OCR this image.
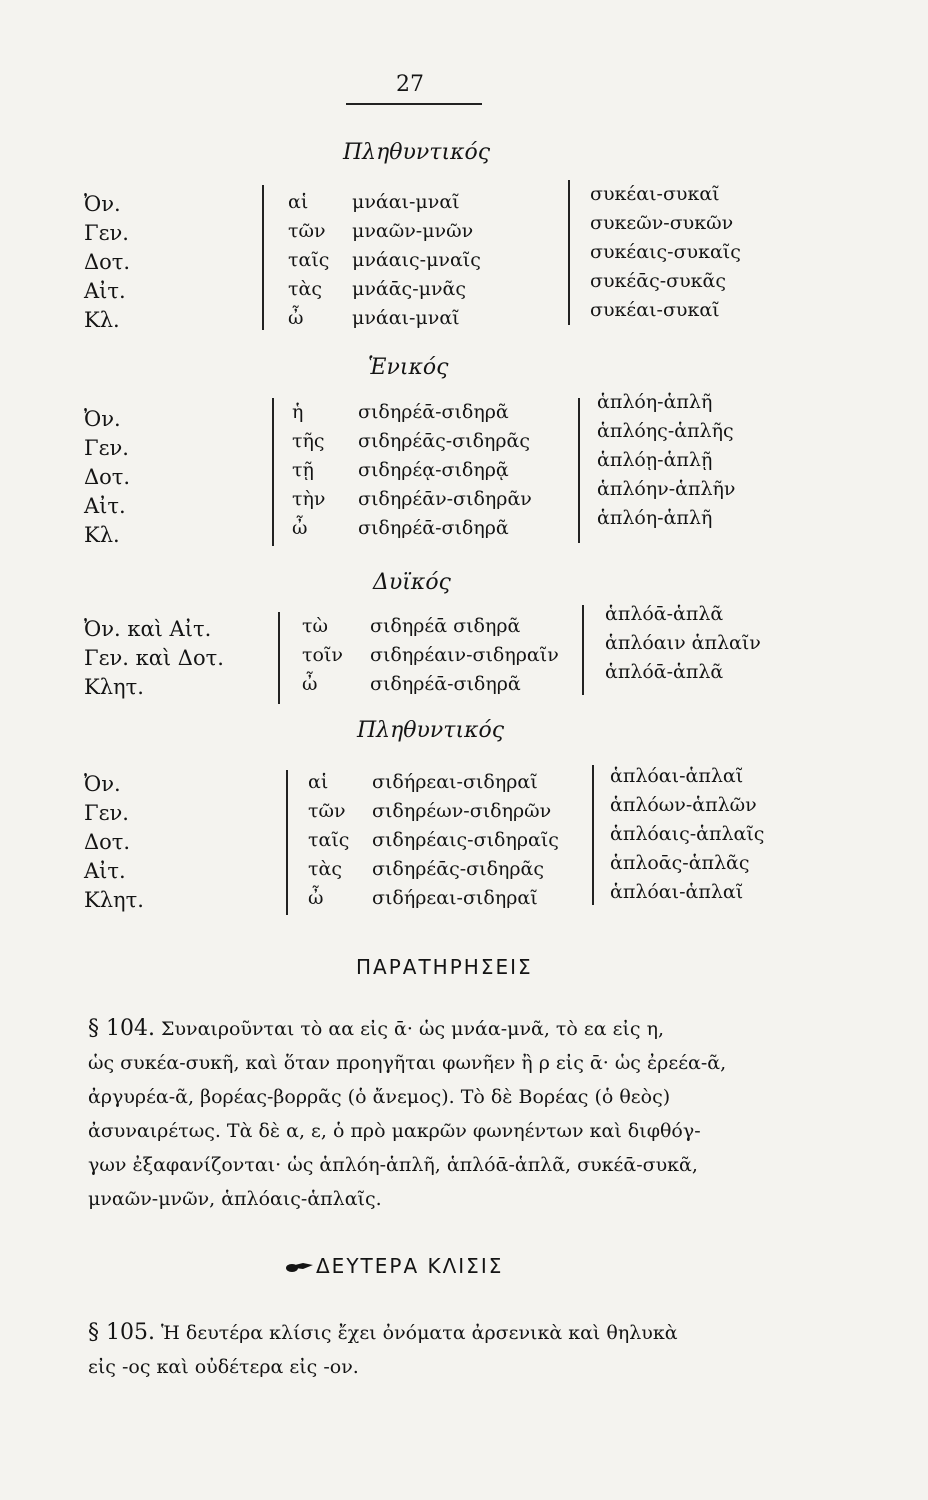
27
Πληθυντικός
Ὀν.
Γεν.
Δοτ.
Αἰτ.
Κλ.
αἱ
τῶν
ταῖς
τὰς
ὦ
μνάαι-μναῖ
μναῶν-μνῶν
μνάαις-μναῖς
μνάᾱς-μνᾶς
μνάαι-μναῖ
συκέαι-συκαῖ
συκεῶν-συκῶν
συκέαις-συκαῖς
συκέᾱς-συκᾶς
συκέαι-συκαῖ
Ἑνικός
Ὀν.
Γεν.
Δοτ.
Αἰτ.
Κλ.
ἡ
τῆς
τῇ
τὴν
ὦ
σιδηρέᾱ-σιδηρᾶ
σιδηρέᾱς-σιδηρᾶς
σιδηρέᾳ-σιδηρᾷ
σιδηρέᾱν-σιδηρᾶν
σιδηρέᾱ-σιδηρᾶ
ἁπλόη-ἁπλῆ
ἁπλόης-ἁπλῆς
ἁπλόῃ-ἁπλῇ
ἁπλόην-ἁπλῆν
ἁπλόη-ἁπλῆ
Δυϊκός
Ὀν. καὶ Αἰτ.
Γεν. καὶ Δοτ.
Κλητ.
τὼ
τοῖν
ὦ
σιδηρέᾱ σιδηρᾶ
σιδηρέαιν-σιδηραῖν
σιδηρέᾱ-σιδηρᾶ
ἁπλόᾱ-ἁπλᾶ
ἁπλόαιν ἁπλαῖν
ἁπλόᾱ-ἁπλᾶ
Πληθυντικός
Ὀν.
Γεν.
Δοτ.
Αἰτ.
Κλητ.
αἱ
τῶν
ταῖς
τὰς
ὦ
σιδήρεαι-σιδηραῖ
σιδηρέων-σιδηρῶν
σιδηρέαις-σιδηραῖς
σιδηρέᾱς-σιδηρᾶς
σιδήρεαι-σιδηραῖ
ἁπλόαι-ἁπλαῖ
ἁπλόων-ἁπλῶν
ἁπλόαις-ἁπλαῖς
ἁπλοᾱς-ἁπλᾶς
ἁπλόαι-ἁπλαῖ
ΠΑΡΑΤΗΡΗΣΕΙΣ
§ 104. Συναιροῦνται τὸ αα εἰς ᾱ· ὡς μνάα-μνᾶ, τὸ εα εἰς η,
ὡς συκέα-συκῆ, καὶ ὅταν προηγῆται φωνῆεν ἢ ρ εἰς ᾱ· ὡς ἐρεέα-ᾶ,
ἀργυρέα-ᾶ, βορέας-βορρᾶς (ὁ ἄνεμος). Τὸ δὲ Βορέας (ὁ θεὸς)
ἀσυναιρέτως. Τὰ δὲ α, ε, ὁ πρὸ μακρῶν φωνηέντων καὶ διφθόγ-
γων ἐξαφανίζονται· ὡς ἁπλόη-ἁπλῆ, ἁπλόᾱ-ἁπλᾶ, συκέᾱ-συκᾶ,
μναῶν-μνῶν, ἁπλόαις-ἁπλαῖς.
ΔΕΥΤΕΡΑ ΚΛΙΣΙΣ
§ 105. Ἡ δευτέρα κλίσις ἔχει ὀνόματα ἀρσενικὰ καὶ θηλυκὰ
εἰς -ος καὶ οὐδέτερα εἰς -ον.
